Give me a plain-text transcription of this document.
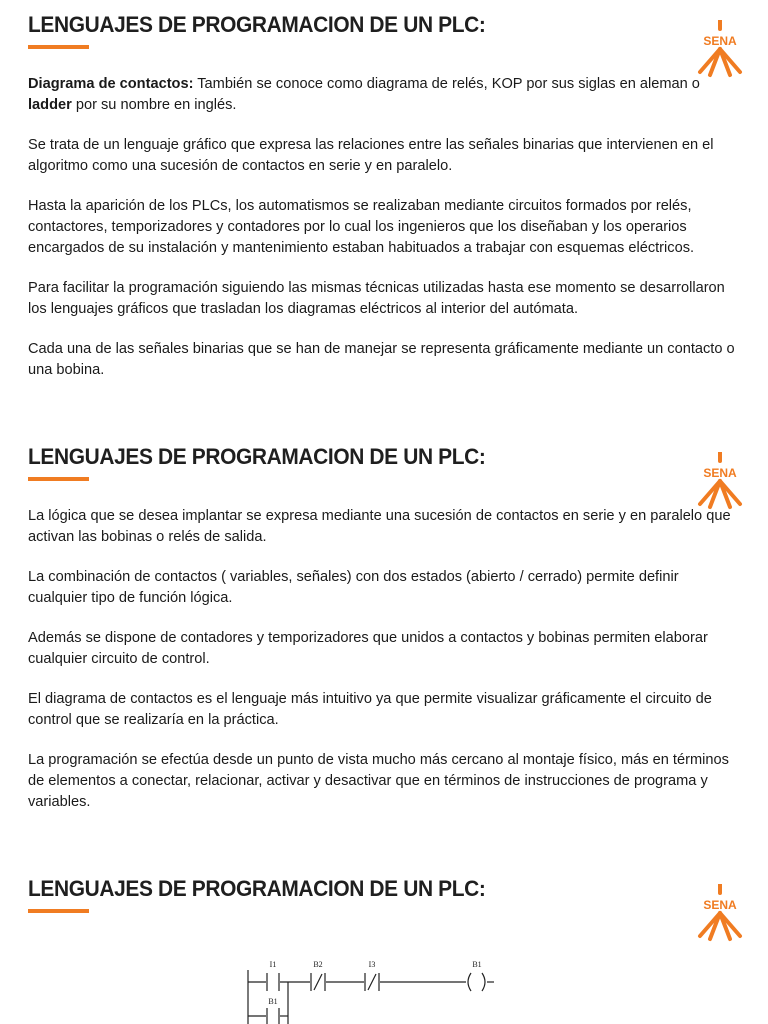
LENGUAJES DE PROGRAMACION DE UN PLC:
SENA

Diagrama de contactos: También se conoce como diagrama de relés, KOP por sus siglas en aleman o ladder por su nombre en inglés.

Se trata de un lenguaje gráfico que expresa las relaciones entre las señales binarias que intervienen en el algoritmo como una sucesión de contactos en serie y en paralelo.

Hasta la aparición de los PLCs, los automatismos se realizaban mediante circuitos formados por relés, contactores, temporizadores y contadores por lo cual los ingenieros que los diseñaban y los operarios encargados de su instalación y mantenimiento estaban habituados a trabajar con esquemas eléctricos.

Para facilitar la programación siguiendo las mismas técnicas utilizadas hasta ese momento se desarrollaron los lenguajes gráficos que trasladan los diagramas eléctricos al interior del autómata.

Cada una de las señales binarias que se han de manejar se representa gráficamente mediante un contacto o una bobina.

LENGUAJES DE PROGRAMACION DE UN PLC:
SENA

La lógica que se desea implantar se expresa mediante una sucesión de contactos en serie y en paralelo que activan las bobinas o relés de salida.

La combinación de contactos ( variables, señales) con dos estados (abierto / cerrado) permite definir cualquier tipo de función lógica.

Además se dispone de contadores y temporizadores que unidos a contactos y bobinas permiten elaborar cualquier circuito de control.

El diagrama de contactos es el lenguaje más intuitivo ya que permite visualizar gráficamente el circuito de control que se realizaría en la práctica.

La programación se efectúa desde un punto de vista mucho más cercano al montaje físico, más en términos de elementos a conectar, relacionar, activar y desactivar que en términos de instrucciones de programa y variables.

LENGUAJES DE PROGRAMACION DE UN PLC:
SENA
I1	B2	I3	B1
B1
